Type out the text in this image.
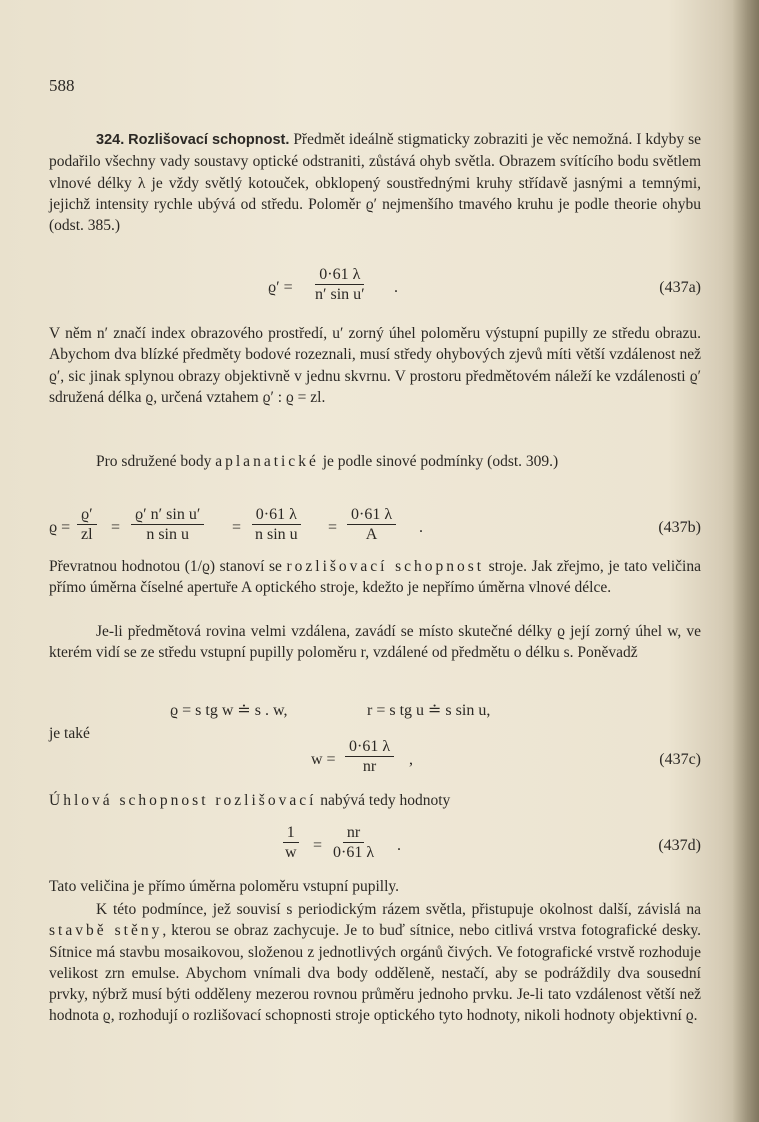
588

324. Rozlišovací schopnost. Předmět ideálně stigmaticky zobraziti je věc nemožná. I kdyby se podařilo všechny vady soustavy optické odstraniti, zůstává ohyb světla. Obrazem svítícího bodu světlem vlnové délky λ je vždy světlý kotouček, obklopený soustřednými kruhy střídavě jasnými a temnými, jejichž intensity rychle ubývá od středu. Poloměr ϱ′ nejmenšího tmavého kruhu je podle theorie ohybu (odst. 385.)

$ϱ' = \frac{0\cdot 61 \lambda}{\text{n′ sin u′}}$ .	(437a)

V něm n′ značí index obrazového prostředí, u′ zorný úhel poloměru výstupní pupilly ze středu obrazu. Abychom dva blízké předměty bodové rozeznali, musí středy ohybových zjevů míti větší vzdálenost než ϱ′, sic jinak splynou obrazy objektivně v jednu skvrnu. V prostoru předmětovém náleží ke vzdálenosti ϱ′ sdružená délka ϱ, určená vztahem ϱ′ : ϱ = zl.

Pro sdružené body aplanatické je podle sinové podmínky (odst. 309.)

$ϱ = \frac{ϱ'}{zl} = \frac{\text{ϱ′ n′ sin u′}}{\text{n sin u}} = \frac{0\cdot 61 \lambda}{\text{n sin u}} = \frac{0\cdot 61 \lambda}{A}$ .	(437b)

Převratnou hodnotou (1/ϱ) stanoví se rozlišovací schopnost stroje. Jak zřejmo, je tato veličina přímo úměrna číselné apertuře A optického stroje, kdežto je nepřímo úměrna vlnové délce.

Je-li předmětová rovina velmi vzdálena, zavádí se místo skutečné délky ϱ její zorný úhel w, ve kterém vidí se ze středu vstupní pupilly poloměru r, vzdálené od předmětu o délku s. Poněvadž

ϱ = s tg w ≐ s . w,	r = s tg u ≐ s sin u,

je také

$w = \frac{0\cdot 61 \lambda}{nr}$ ,	(437c)

Úhlová schopnost rozlišovací nabývá tedy hodnoty

$\frac{1}{w} = \frac{nr}{0\cdot 61 \lambda}$ .	(437d)

Tato veličina je přímo úměrna poloměru vstupní pupilly.

K této podmínce, jež souvisí s periodickým rázem světla, přistupuje okolnost další, závislá na stavbě stěny, kterou se obraz zachycuje. Je to buď sítnice, nebo citlivá vrstva fotografické desky. Sítnice má stavbu mosaikovou, složenou z jednotlivých orgánů čivých. Ve fotografické vrstvě rozhoduje velikost zrn emulse. Abychom vnímali dva body odděleně, nestačí, aby se podráždily dva sousední prvky, nýbrž musí býti odděleny mezerou rovnou průměru jednoho prvku. Je-li tato vzdálenost větší než hodnota ϱ, rozhodují o rozlišovací schopnosti stroje optického tyto hodnoty, nikoli hodnoty objektivní ϱ.
